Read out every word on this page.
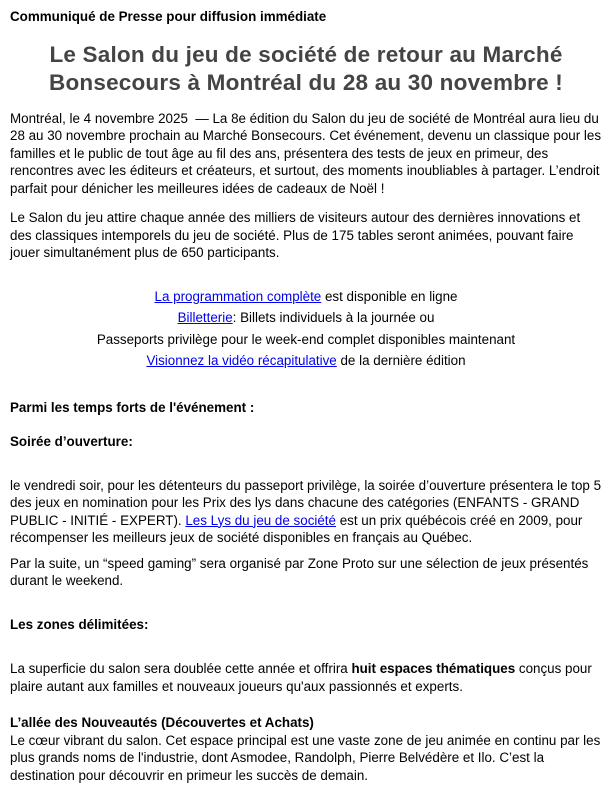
Communiqué de Presse pour diffusion immédiate

Le Salon du jeu de société de retour au Marché
Bonsecours à Montréal du 28 au 30 novembre !

Montréal, le 4 novembre 2025  — La 8e édition du Salon du jeu de société de Montréal aura lieu du 28 au 30 novembre prochain au Marché Bonsecours. Cet événement, devenu un classique pour les familles et le public de tout âge au fil des ans, présentera des tests de jeux en primeur, des rencontres avec les éditeurs et créateurs, et surtout, des moments inoubliables à partager. L’endroit parfait pour dénicher les meilleures idées de cadeaux de Noël !

Le Salon du jeu attire chaque année des milliers de visiteurs autour des dernières innovations et des classiques intemporels du jeu de société. Plus de 175 tables seront animées, pouvant faire jouer simultanément plus de 650 participants.

La programmation complète est disponible en ligne
Billetterie: Billets individuels à la journée ou
Passeports privilège pour le week-end complet disponibles maintenant
Visionnez la vidéo récapitulative de la dernière édition

Parmi les temps forts de l'événement :

Soirée d’ouverture:

le vendredi soir, pour les détenteurs du passeport privilège, la soirée d’ouverture présentera le top 5 des jeux en nomination pour les Prix des lys dans chacune des catégories (ENFANTS - GRAND PUBLIC - INITIÉ - EXPERT). Les Lys du jeu de société est un prix québécois créé en 2009, pour récompenser les meilleurs jeux de société disponibles en français au Québec.

Par la suite, un “speed gaming” sera organisé par Zone Proto sur une sélection de jeux présentés durant le weekend.

Les zones délimitées:

La superficie du salon sera doublée cette année et offrira huit espaces thématiques conçus pour plaire autant aux familles et nouveaux joueurs qu'aux passionnés et experts.

L’allée des Nouveautés (Découvertes et Achats)

Le cœur vibrant du salon. Cet espace principal est une vaste zone de jeu animée en continu par les plus grands noms de l'industrie, dont Asmodee, Randolph, Pierre Belvédère et Ilo. C’est la destination pour découvrir en primeur les succès de demain.
